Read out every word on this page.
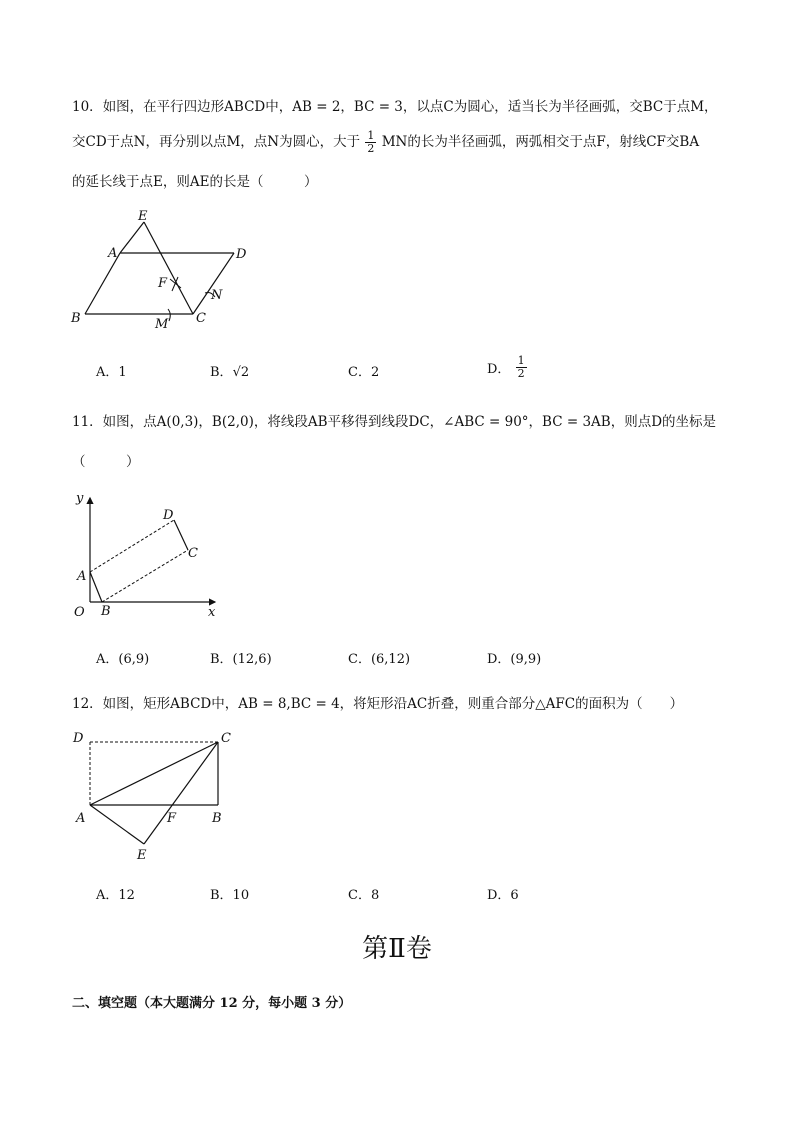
10．如图，在平行四边形ABCD中，AB = 2，BC = 3，以点C为圆心，适当长为半径画弧，交BC于点M，
交CD于点N，再分别以点M，点N为圆心，大于 $\frac{1}{2}$ MN的长为半径画弧，两弧相交于点F，射线CF交BA
的延长线于点E，则AE的长是（　　　）
E
A	D
F
N
B	M C
A．1	B．√2	C．2	D． $\frac{1}{2}$
11．如图，点A(0,3)，B(2,0)，将线段AB平移得到线段DC，∠ABC = 90°，BC = 3AB，则点D的坐标是
（　　　）
y
x
O
A
B
C
D
A．(6,9)	B．(12,6)	C．(6,12)	D．(9,9)
12．如图，矩形ABCD中，AB = 8,BC = 4，将矩形沿AC折叠，则重合部分△AFC的面积为（　　）
D	C
A	F	B
E
A．12	B．10	C．8	D．6
第Ⅱ卷
二、填空题（本大题满分 12 分，每小题 3 分）
